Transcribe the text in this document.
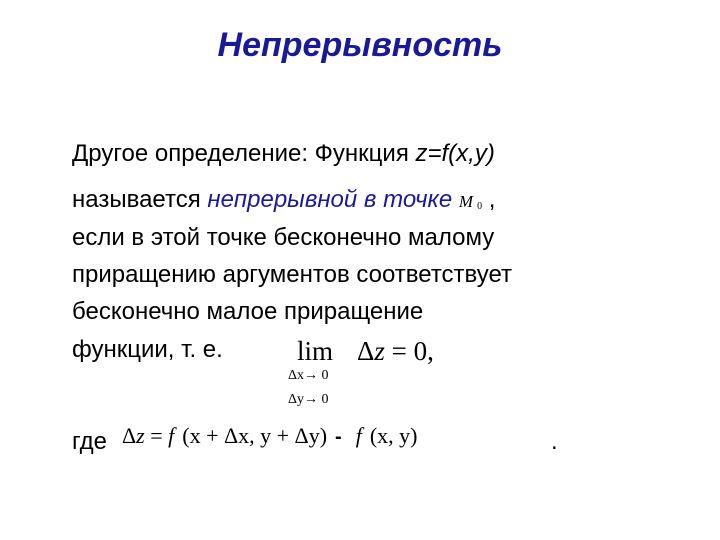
Непрерывность
Другое определение: Функция z=f(x,y)
называется непрерывной в точке M $_0$ ,
если в этой точке бесконечно малому
приращению аргументов соответствует
бесконечно малое приращение
функции, т. е.	lim Δz = 0,
Δx→ 0
Δy→ 0
где Δz = f (x + Δx, y + Δy) - f (x, y)	.
